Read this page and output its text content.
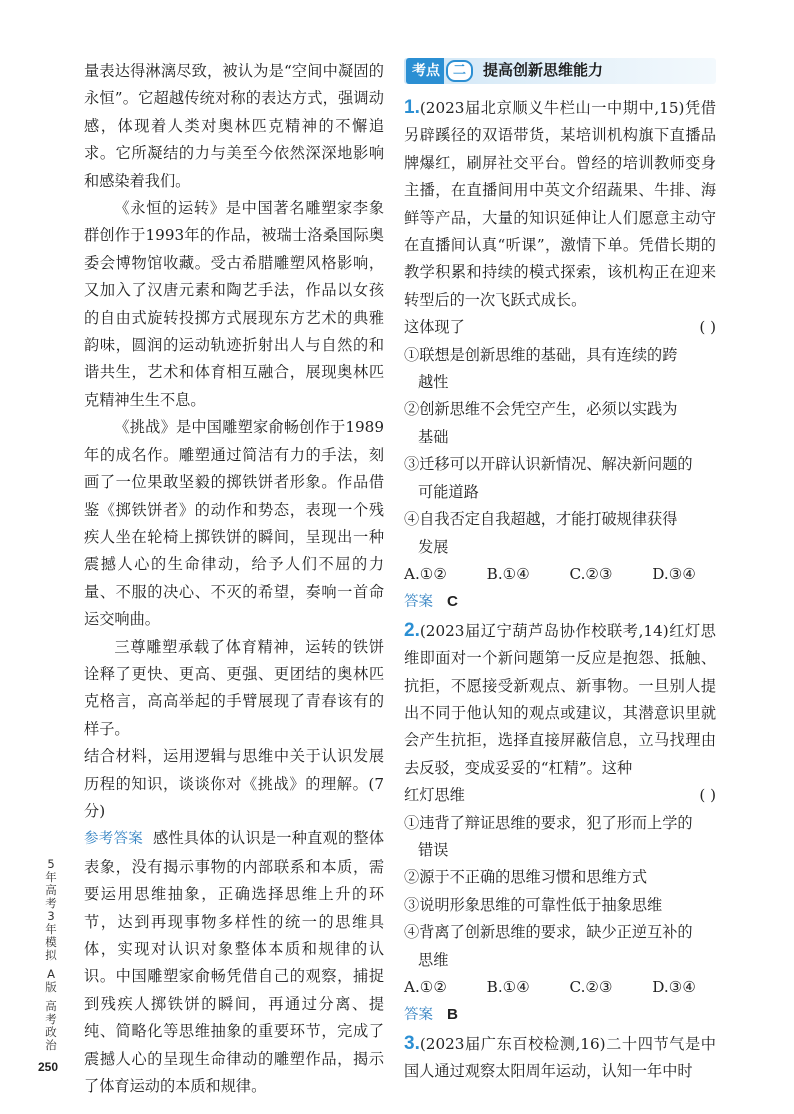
量表达得淋漓尽致，被认为是“空间中凝固的永恒”。它超越传统对称的表达方式，强调动感，体现着人类对奥林匹克精神的不懈追求。它所凝结的力与美至今依然深深地影响和感染着我们。

《永恒的运转》是中国著名雕塑家李象群创作于1993年的作品，被瑞士洛桑国际奥委会博物馆收藏。受古希腊雕塑风格影响，又加入了汉唐元素和陶艺手法，作品以女孩的自由式旋转投掷方式展现东方艺术的典雅韵味，圆润的运动轨迹折射出人与自然的和谐共生，艺术和体育相互融合，展现奥林匹克精神生生不息。

《挑战》是中国雕塑家俞畅创作于1989年的成名作。雕塑通过简洁有力的手法，刻画了一位果敢坚毅的掷铁饼者形象。作品借鉴《掷铁饼者》的动作和势态，表现一个残疾人坐在轮椅上掷铁饼的瞬间，呈现出一种震撼人心的生命律动，给予人们不屈的力量、不服的决心、不灭的希望，奏响一首命运交响曲。

三尊雕塑承载了体育精神，运转的铁饼诠释了更快、更高、更强、更团结的奥林匹克格言，高高举起的手臂展现了青春该有的样子。

结合材料，运用逻辑与思维中关于认识发展历程的知识，谈谈你对《挑战》的理解。(7分)

参考答案 感性具体的认识是一种直观的整体表象，没有揭示事物的内部联系和本质，需要运用思维抽象，正确选择思维上升的环节，达到再现事物多样性的统一的思维具体，实现对认识对象整体本质和规律的认识。中国雕塑家俞畅凭借自己的观察，捕捉到残疾人掷铁饼的瞬间，再通过分离、提纯、简略化等思维抽象的重要环节，完成了震撼人心的呈现生命律动的雕塑作品，揭示了体育运动的本质和规律。

考点	二	提高创新思维能力

1.(2023届北京顺义牛栏山一中期中,15)凭借另辟蹊径的双语带货，某培训机构旗下直播品牌爆红，刷屏社交平台。曾经的培训教师变身主播，在直播间用中英文介绍蔬果、牛排、海鲜等产品，大量的知识延伸让人们愿意主动守在直播间认真“听课”，激情下单。凭借长期的教学积累和持续的模式探索，该机构正在迎来转型后的一次飞跃式成长。

这体现了	( )

①联想是创新思维的基础，具有连续的跨

越性

②创新思维不会凭空产生，必须以实践为

基础

③迁移可以开辟认识新情况、解决新问题的

可能道路

④自我否定自我超越，才能打破规律获得

发展

A.①②	B.①④	C.②③	D.③④

答案 C

2.(2023届辽宁葫芦岛协作校联考,14)红灯思维即面对一个新问题第一反应是抱怨、抵触、抗拒，不愿接受新观点、新事物。一旦别人提出不同于他认知的观点或建议，其潜意识里就会产生抗拒，选择直接屏蔽信息，立马找理由去反驳，变成妥妥的“杠精”。这种

红灯思维	( )

①违背了辩证思维的要求，犯了形而上学的

错误

②源于不正确的思维习惯和思维方式

③说明形象思维的可靠性低于抽象思维

④背离了创新思维的要求，缺少正逆互补的

思维

A.①②	B.①④	C.②③	D.③④

答案 B

3.(2023届广东百校检测,16)二十四节气是中国人通过观察太阳周年运动，认知一年中时

5
年
高
考
3
年
模
拟
A
版
高
考
政
治
250
